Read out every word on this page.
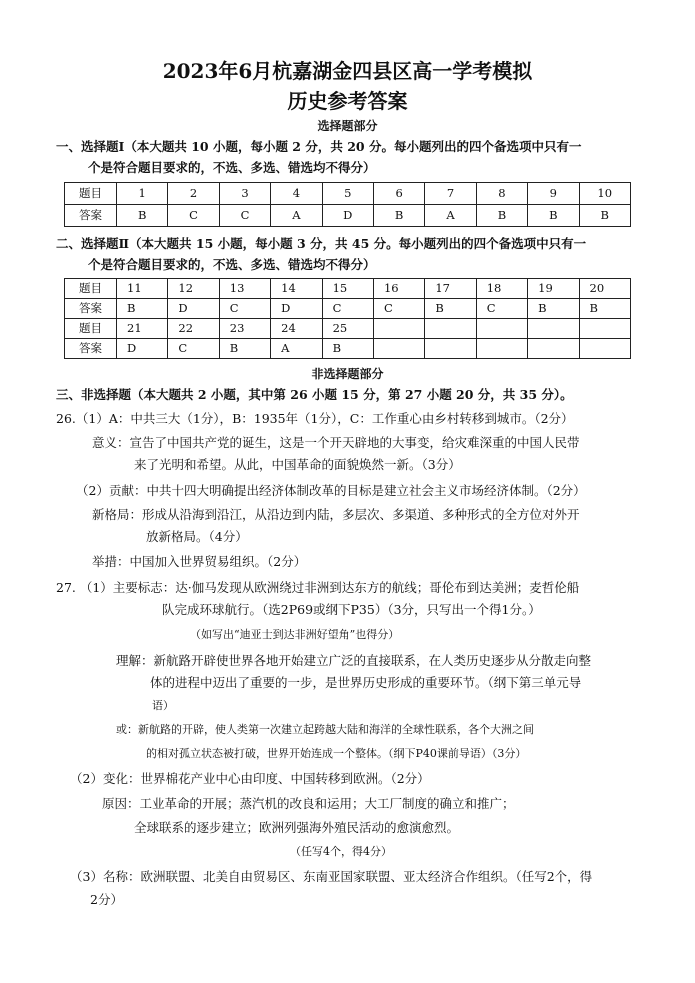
2023年6月杭嘉湖金四县区高一学考模拟
历史参考答案
选择题部分
一、选择题Ⅰ（本大题共 10 小题，每小题 2 分，共 20 分。每小题列出的四个备选项中只有一
个是符合题目要求的，不选、多选、错选均不得分）
题目	1	2	3	4	5	6	7	8	9	10
答案	B	C	C	A	D	B	A	B	B	B
二、选择题Ⅱ（本大题共 15 小题，每小题 3 分，共 45 分。每小题列出的四个备选项中只有一
个是符合题目要求的，不选、多选、错选均不得分）
题目	11	12	13	14	15	16	17	18	19	20
答案	B	D	C	D	C	C	B	C	B	B
题目	21	22	23	24	25					
答案	D	C	B	A	B					
非选择题部分
三、非选择题（本大题共 2 小题，其中第 26 小题 15 分，第 27 小题 20 分，共 35 分）。
26.（1）A：中共三大（1分），B：1935年（1分），C：工作重心由乡村转移到城市。（2分）
意义：宣告了中国共产党的诞生，这是一个开天辟地的大事变，给灾难深重的中国人民带
来了光明和希望。从此，中国革命的面貌焕然一新。（3分）
（2）贡献：中共十四大明确提出经济体制改革的目标是建立社会主义市场经济体制。（2分）
新格局：形成从沿海到沿江，从沿边到内陆，多层次、多渠道、多种形式的全方位对外开
放新格局。（4分）
举措：中国加入世界贸易组织。（2分）
27. （1）主要标志：达·伽马发现从欧洲绕过非洲到达东方的航线；哥伦布到达美洲；麦哲伦船
队完成环球航行。（选2P69或纲下P35）（3分，只写出一个得1分。）
（如写出“迪亚士到达非洲好望角”也得分）
理解：新航路开辟使世界各地开始建立广泛的直接联系，在人类历史逐步从分散走向整
体的进程中迈出了重要的一步，是世界历史形成的重要环节。（纲下第三单元导
语）
或：新航路的开辟，使人类第一次建立起跨越大陆和海洋的全球性联系，各个大洲之间
的相对孤立状态被打破，世界开始连成一个整体。（纲下P40课前导语）（3分）
（2）变化：世界棉花产业中心由印度、中国转移到欧洲。（2分）
原因：工业革命的开展；蒸汽机的改良和运用；大工厂制度的确立和推广；
全球联系的逐步建立；欧洲列强海外殖民活动的愈演愈烈。
（任写4个，得4分）
（3）名称：欧洲联盟、北美自由贸易区、东南亚国家联盟、亚太经济合作组织。（任写2个，得
2分）
